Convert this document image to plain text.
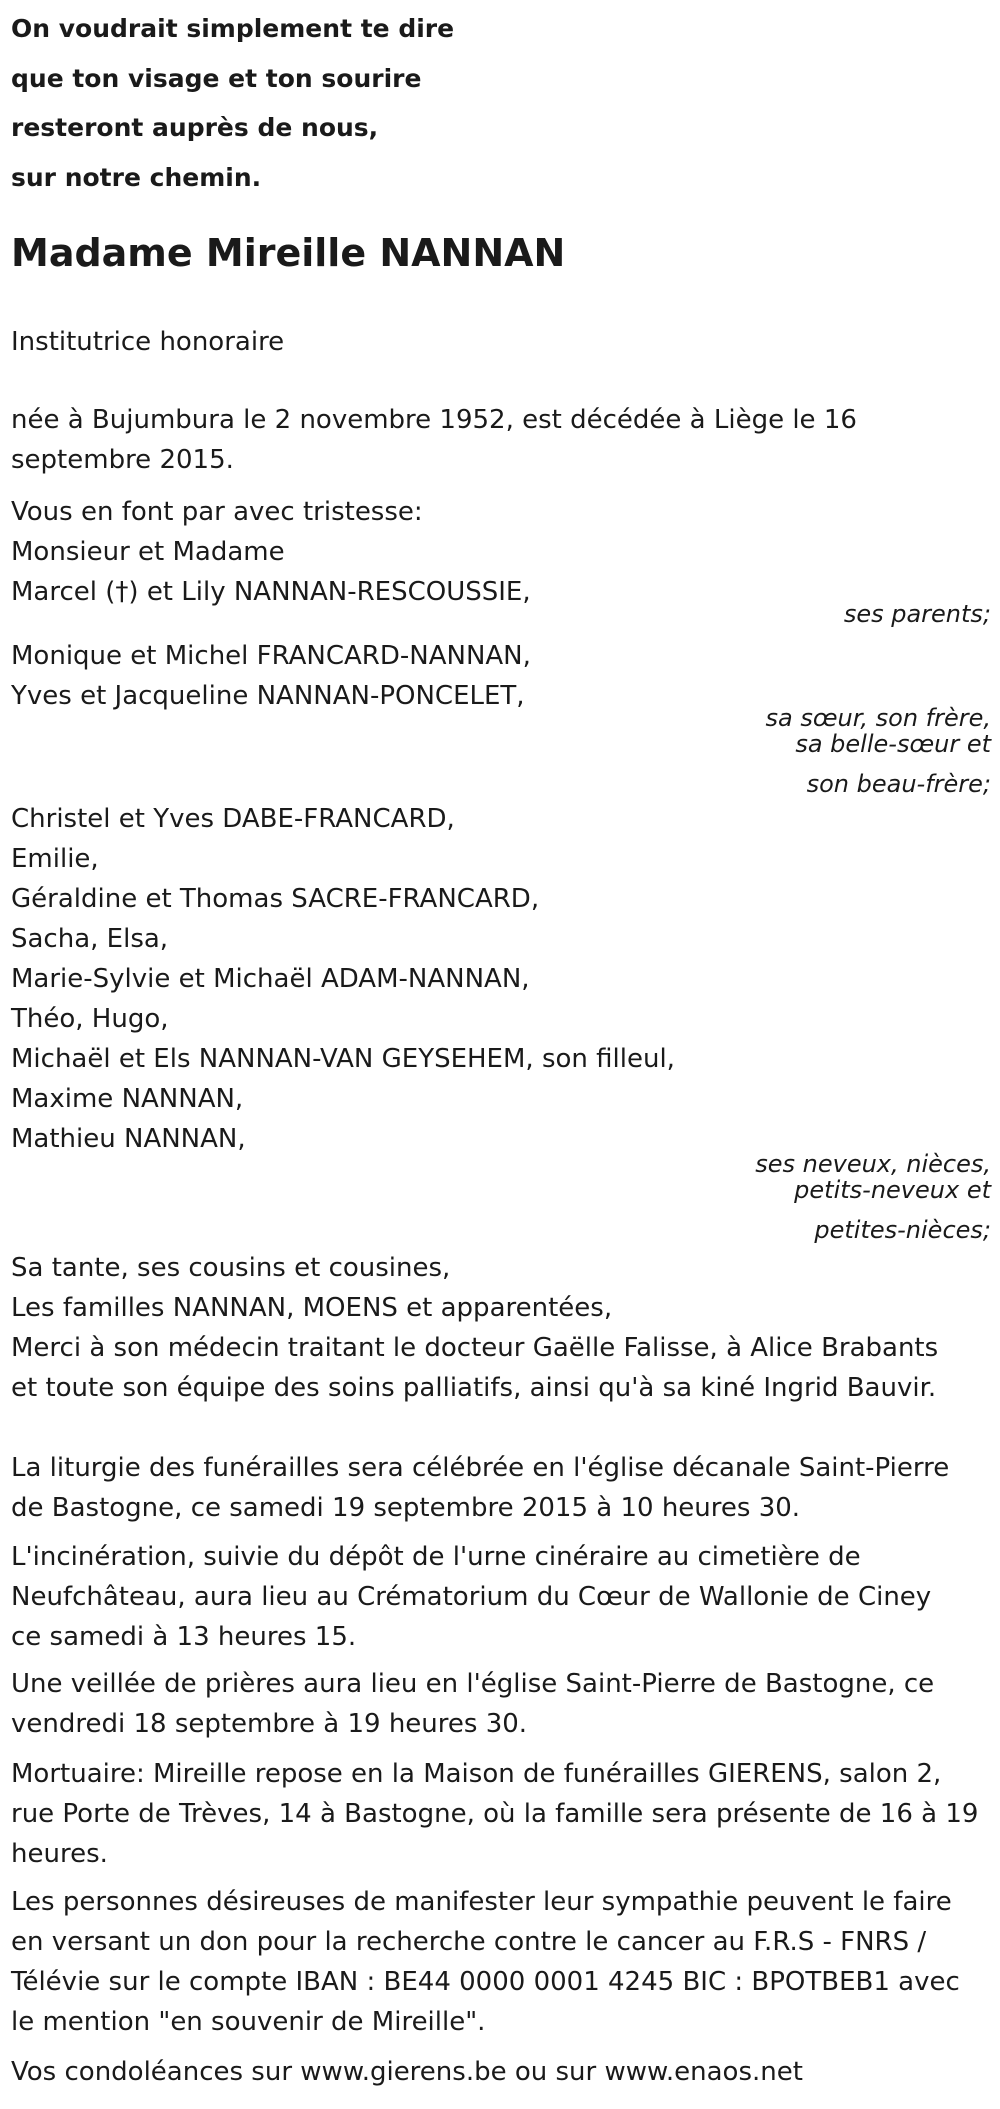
On voudrait simplement te dire
que ton visage et ton sourire
resteront auprès de nous,
sur notre chemin.
Madame Mireille NANNAN
Institutrice honoraire
née à Bujumbura le 2 novembre 1952, est décédée à Liège le 16
septembre 2015.
Vous en font par avec tristesse:
Monsieur et Madame
Marcel (†) et Lily NANNAN-RESCOUSSIE,
ses parents;
Monique et Michel FRANCARD-NANNAN,
Yves et Jacqueline NANNAN-PONCELET,
sa sœur, son frère,
sa belle-sœur et
son beau-frère;
Christel et Yves DABE-FRANCARD,
Emilie,
Géraldine et Thomas SACRE-FRANCARD,
Sacha, Elsa,
Marie-Sylvie et Michaël ADAM-NANNAN,
Théo, Hugo,
Michaël et Els NANNAN-VAN GEYSEHEM, son filleul,
Maxime NANNAN,
Mathieu NANNAN,
ses neveux, nièces,
petits-neveux et
petites-nièces;
Sa tante, ses cousins et cousines,
Les familles NANNAN, MOENS et apparentées,
Merci à son médecin traitant le docteur Gaëlle Falisse, à Alice Brabants
et toute son équipe des soins palliatifs, ainsi qu'à sa kiné Ingrid Bauvir.
La liturgie des funérailles sera célébrée en l'église décanale Saint-Pierre
de Bastogne, ce samedi 19 septembre 2015 à 10 heures 30.
L'incinération, suivie du dépôt de l'urne cinéraire au cimetière de
Neufchâteau, aura lieu au Crématorium du Cœur de Wallonie de Ciney
ce samedi à 13 heures 15.
Une veillée de prières aura lieu en l'église Saint-Pierre de Bastogne, ce
vendredi 18 septembre à 19 heures 30.
Mortuaire: Mireille repose en la Maison de funérailles GIERENS, salon 2,
rue Porte de Trèves, 14 à Bastogne, où la famille sera présente de 16 à 19
heures.
Les personnes désireuses de manifester leur sympathie peuvent le faire
en versant un don pour la recherche contre le cancer au F.R.S - FNRS /
Télévie sur le compte IBAN : BE44 0000 0001 4245 BIC : BPOTBEB1 avec
le mention "en souvenir de Mireille".
Vos condoléances sur www.gierens.be ou sur www.enaos.net
